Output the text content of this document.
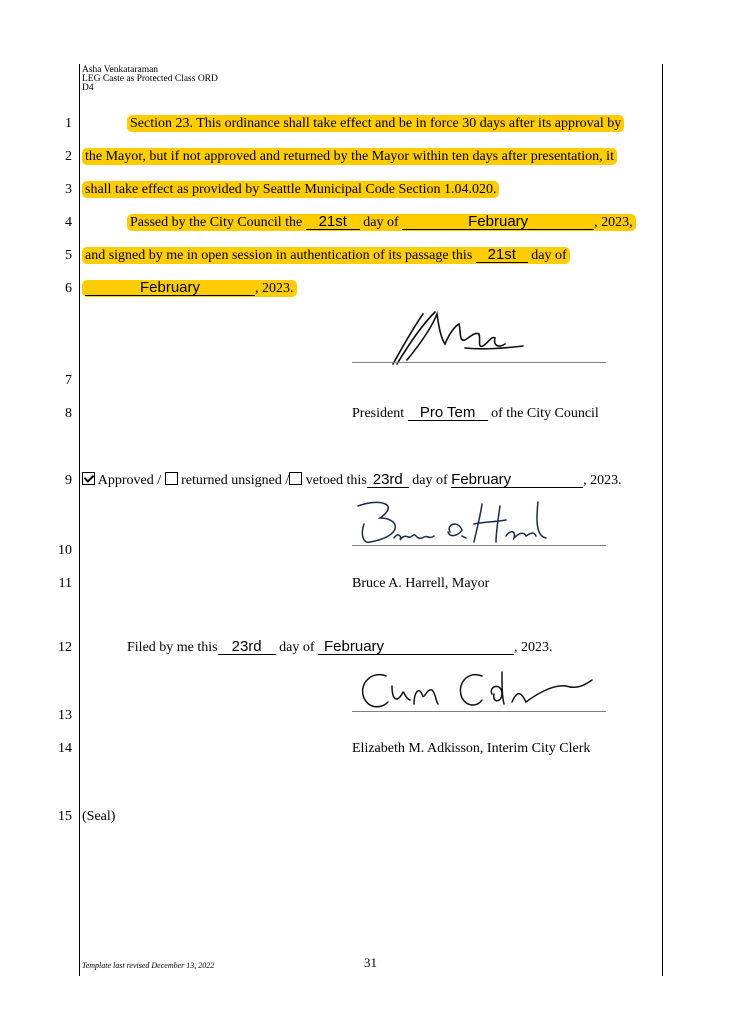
Asha Venkataraman
LEG Caste as Protected Class ORD
D4
1
2
3
4
5
6
7
8
9
10
11
12
13
14
15
Section 23. This ordinance shall take effect and be in force 30 days after its approval by
the Mayor, but if not approved and returned by the Mayor within ten days after presentation, it
shall take effect as provided by Seattle Municipal Code Section 1.04.020.
Passed by the City Council the 21st day of	February	, 2023,
and signed by me in open session in authentication of its passage this 21st day of
February	, 2023.
President Pro Tem of the City Council
Approved / returned unsigned / vetoed this 23rd day of February	, 2023.
Bruce A. Harrell, Mayor
Filed by me this 23rd day of February	, 2023.
Elizabeth M. Adkisson, Interim City Clerk
(Seal)
Template last revised December 13, 2022	31
